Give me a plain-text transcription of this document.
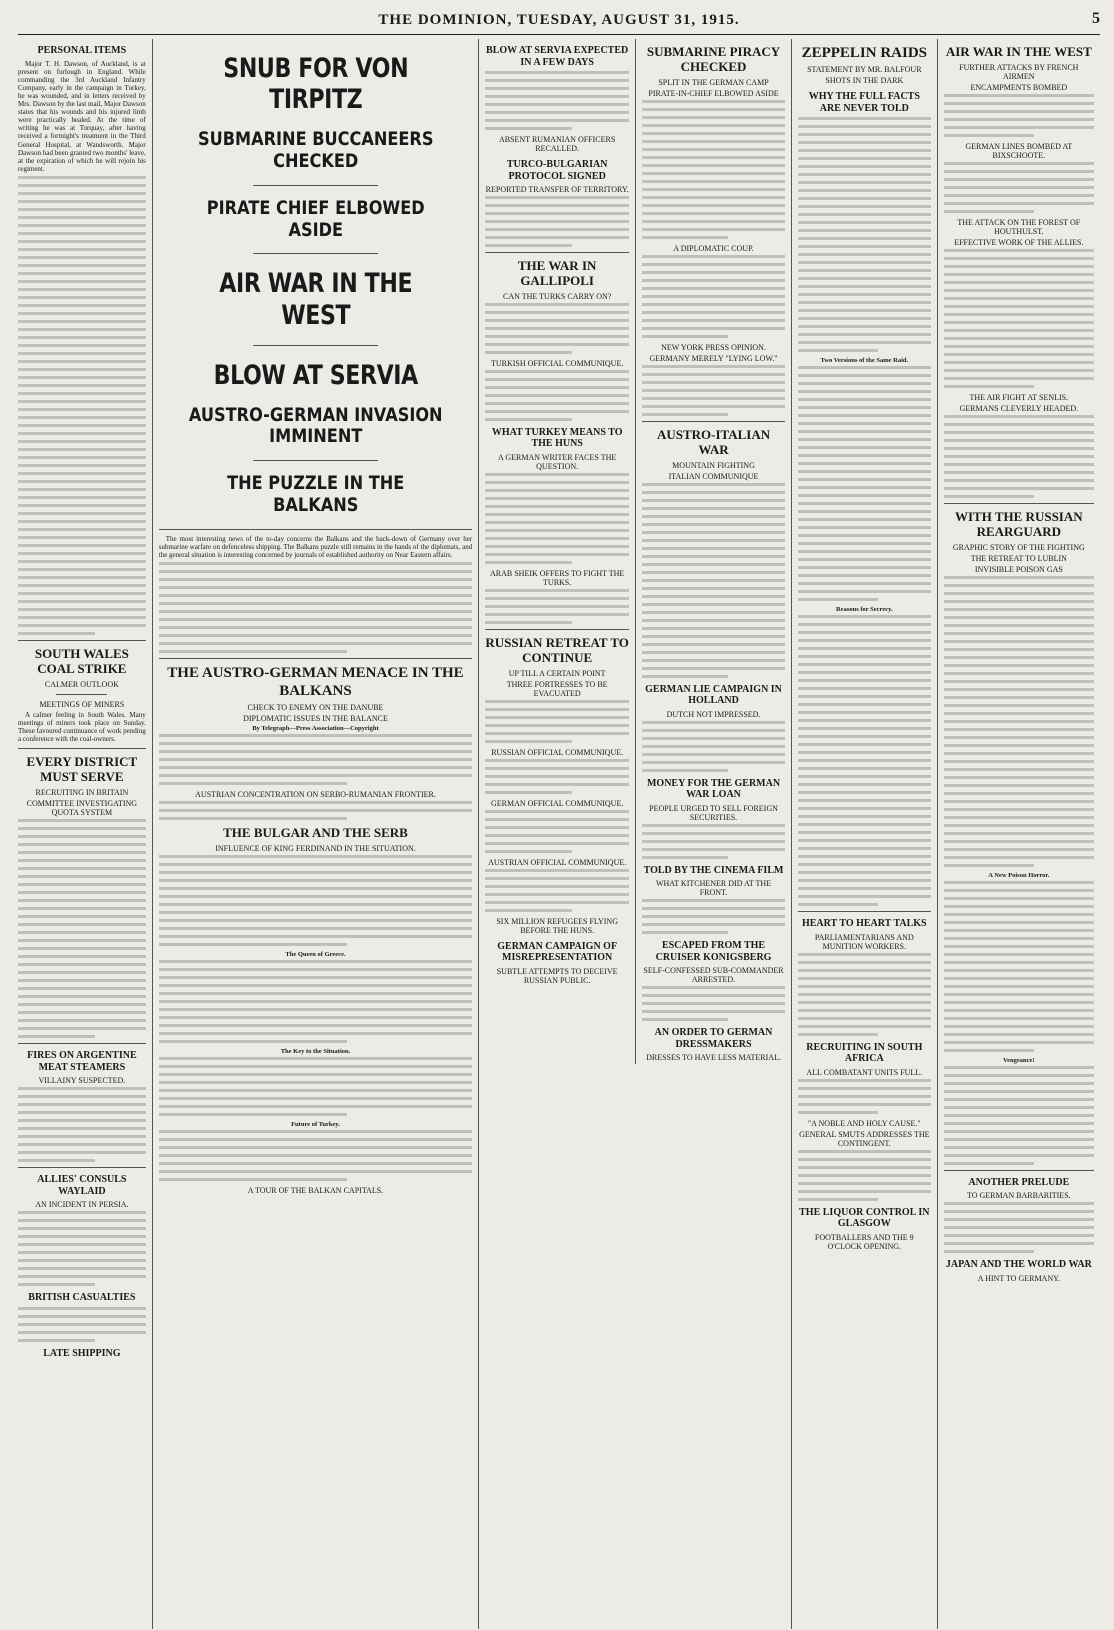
THE DOMINION, TUESDAY, AUGUST 31, 1915.	5
PERSONAL ITEMS
Major T. H. Dawson, of Auckland, is at present on furlough in England. While commanding the 3rd Auckland Infantry Company, early in the campaign in Turkey, he was wounded, and in letters received by Mrs. Dawson by the last mail, Major Dawson states that his wounds and his injured limb were practically healed. At the time of writing he was at Torquay, after having received a fortnight's treatment in the Third General Hospital, at Wandsworth. Major Dawson had been granted two months' leave, at the expiration of which he will rejoin his regiment.
SOUTH WALES COAL STRIKE
CALMER OUTLOOK
MEETINGS OF MINERS
A calmer feeling in South Wales. Many meetings of miners took place on Sunday. These favoured continuance of work pending a conference with the coal-owners.
EVERY DISTRICT MUST SERVE
RECRUITING IN BRITAIN
COMMITTEE INVESTIGATING QUOTA SYSTEM
FIRES ON ARGENTINE MEAT STEAMERS
VILLAINY SUSPECTED.
ALLIES' CONSULS WAYLAID
AN INCIDENT IN PERSIA.
BRITISH CASUALTIES
LATE SHIPPING
SNUB FOR VON TIRPITZ
SUBMARINE BUCCANEERS CHECKED
PIRATE CHIEF ELBOWED ASIDE
AIR WAR IN THE WEST
BLOW AT SERVIA
AUSTRO-GERMAN INVASION IMMINENT
THE PUZZLE IN THE BALKANS
The most interesting news of the to-day concerns the Balkans and the back-down of Germany over her submarine warfare on defenceless shipping. The Balkans puzzle still remains in the hands of the diplomats, and the general situation is interesting concerned by journals of established authority on Near Eastern affairs.
THE AUSTRO-GERMAN MENACE IN THE BALKANS
CHECK TO ENEMY ON THE DANUBE
DIPLOMATIC ISSUES IN THE BALANCE
By Telegraph—Press Association—Copyright
AUSTRIAN CONCENTRATION ON SERBO-RUMANIAN FRONTIER.
THE BULGAR AND THE SERB
INFLUENCE OF KING FERDINAND IN THE SITUATION.
The Queen of Greece.
The Key to the Situation.
Future of Turkey.
A TOUR OF THE BALKAN CAPITALS.
BLOW AT SERVIA EXPECTED IN A FEW DAYS
ABSENT RUMANIAN OFFICERS RECALLED.
TURCO-BULGARIAN PROTOCOL SIGNED
REPORTED TRANSFER OF TERRITORY.
THE WAR IN GALLIPOLI
CAN THE TURKS CARRY ON?
TURKISH OFFICIAL COMMUNIQUE.
WHAT TURKEY MEANS TO THE HUNS
A GERMAN WRITER FACES THE QUESTION.
ARAB SHEIK OFFERS TO FIGHT THE TURKS.
RUSSIAN RETREAT TO CONTINUE
UP TILL A CERTAIN POINT
THREE FORTRESSES TO BE EVACUATED
RUSSIAN OFFICIAL COMMUNIQUE.
GERMAN OFFICIAL COMMUNIQUE.
AUSTRIAN OFFICIAL COMMUNIQUE.
SIX MILLION REFUGEES FLYING BEFORE THE HUNS.
GERMAN CAMPAIGN OF MISREPRESENTATION
SUBTLE ATTEMPTS TO DECEIVE RUSSIAN PUBLIC.
SUBMARINE PIRACY CHECKED
SPLIT IN THE GERMAN CAMP
PIRATE-IN-CHIEF ELBOWED ASIDE
A DIPLOMATIC COUP.
NEW YORK PRESS OPINION.
GERMANY MERELY "LYING LOW."
AUSTRO-ITALIAN WAR
MOUNTAIN FIGHTING
ITALIAN COMMUNIQUE
GERMAN LIE CAMPAIGN IN HOLLAND
DUTCH NOT IMPRESSED.
MONEY FOR THE GERMAN WAR LOAN
PEOPLE URGED TO SELL FOREIGN SECURITIES.
TOLD BY THE CINEMA FILM
WHAT KITCHENER DID AT THE FRONT.
ESCAPED FROM THE CRUISER KONIGSBERG
SELF-CONFESSED SUB-COMMANDER ARRESTED.
AN ORDER TO GERMAN DRESSMAKERS
DRESSES TO HAVE LESS MATERIAL.
ZEPPELIN RAIDS
STATEMENT BY MR. BALFOUR
SHOTS IN THE DARK
WHY THE FULL FACTS ARE NEVER TOLD
Two Versions of the Same Raid.
Reasons for Secrecy.
HEART TO HEART TALKS
PARLIAMENTARIANS AND MUNITION WORKERS.
RECRUITING IN SOUTH AFRICA
ALL COMBATANT UNITS FULL.
"A NOBLE AND HOLY CAUSE."
GENERAL SMUTS ADDRESSES THE CONTINGENT.
THE LIQUOR CONTROL IN GLASGOW
FOOTBALLERS AND THE 9 O'CLOCK OPENING.
AIR WAR IN THE WEST
FURTHER ATTACKS BY FRENCH AIRMEN
ENCAMPMENTS BOMBED
GERMAN LINES BOMBED AT BIXSCHOOTE.
THE ATTACK ON THE FOREST OF HOUTHULST.
EFFECTIVE WORK OF THE ALLIES.
THE AIR FIGHT AT SENLIS.
GERMANS CLEVERLY HEADED.
WITH THE RUSSIAN REARGUARD
GRAPHIC STORY OF THE FIGHTING
THE RETREAT TO LUBLIN
INVISIBLE POISON GAS
A New Poison Horror.
Vengeance!
ANOTHER PRELUDE
TO GERMAN BARBARITIES.
JAPAN AND THE WORLD WAR
A HINT TO GERMANY.
